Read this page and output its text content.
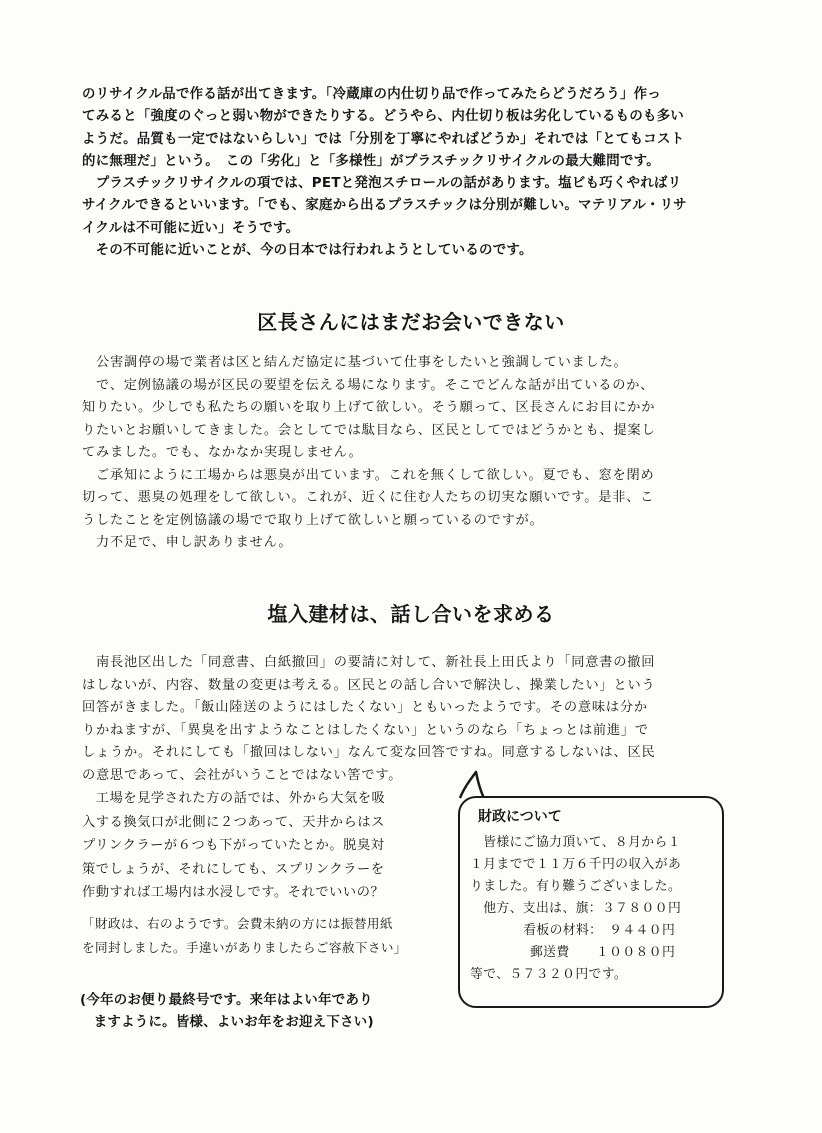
のリサイクル品で作る話が出てきます。「冷蔵庫の内仕切り品で作ってみたらどうだろう」作っ
てみると「強度のぐっと弱い物ができたりする。どうやら、内仕切り板は劣化しているものも多い
ようだ。品質も一定ではないらしい」では「分別を丁寧にやればどうか」それでは「とてもコスト
的に無理だ」という。　この「劣化」と「多様性」がプラスチックリサイクルの最大難問です。
　プラスチックリサイクルの項では、PETと発泡スチロールの話があります。塩ビも巧くやればリ
サイクルできるといいます。「でも、家庭から出るプラスチックは分別が難しい。マテリアル・リサ
イクルは不可能に近い」そうです。
　その不可能に近いことが、今の日本では行われようとしているのです。
区長さんにはまだお会いできない
　公害調停の場で業者は区と結んだ協定に基づいて仕事をしたいと強調していました。
　で、定例協議の場が区民の要望を伝える場になります。そこでどんな話が出ているのか、
知りたい。少しでも私たちの願いを取り上げて欲しい。そう願って、区長さんにお目にかか
りたいとお願いしてきました。会としてでは駄目なら、区民としてではどうかとも、提案し
てみました。でも、なかなか実現しません。
　ご承知にように工場からは悪臭が出ています。これを無くして欲しい。夏でも、窓を閉め
切って、悪臭の処理をして欲しい。これが、近くに住む人たちの切実な願いです。是非、こ
うしたことを定例協議の場でで取り上げて欲しいと願っているのですが。
　力不足で、申し訳ありません。
塩入建材は、話し合いを求める
　南長池区出した「同意書、白紙撤回」の要請に対して、新社長上田氏より「同意書の撤回
はしないが、内容、数量の変更は考える。区民との話し合いで解決し、操業したい」という
回答がきました。「飯山陸送のようにはしたくない」ともいったようです。その意味は分か
りかねますが、「異臭を出すようなことはしたくない」というのなら「ちょっとは前進」で
しょうか。それにしても「撤回はしない」なんて変な回答ですね。同意するしないは、区民
の意思であって、会社がいうことではない筈です。
　工場を見学された方の話では、外から大気を吸
入する換気口が北側に２つあって、天井からはス
プリンクラーが６つも下がっていたとか。脱臭対
策でしょうが、それにしても、スプリンクラーを
作動すれば工場内は水浸しです。それでいいの？
「財政は、右のようです。会費未納の方には振替用紙
を同封しました。手違いがありましたらご容赦下さい」
(今年のお便り最終号です。来年はよい年であり
　ますように。皆様、よいお年をお迎え下さい)
財政について
　皆様にご協力頂いて、８月から１
１月までで１１万６千円の収入があ
りました。有り難うございました。
　他方、支出は、旗：３７８００円
看板の材料：　９４４０円
郵送費　　１００８０円
等で、５７３２０円です。
